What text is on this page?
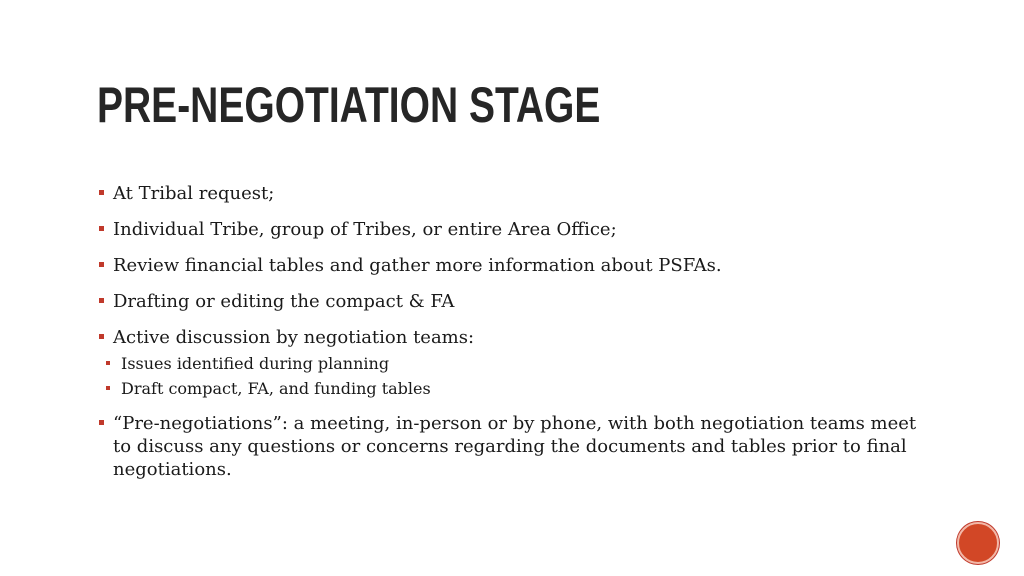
PRE-NEGOTIATION STAGE
At Tribal request;
Individual Tribe, group of Tribes, or entire Area Office;
Review financial tables and gather more information about PSFAs.
Drafting or editing the compact & FA
Active discussion by negotiation teams:
Issues identified during planning
Draft compact, FA, and funding tables
“Pre-negotiations”: a meeting, in-person or by phone, with both negotiation teams meet to discuss any questions or concerns regarding the documents and tables prior to final negotiations.
